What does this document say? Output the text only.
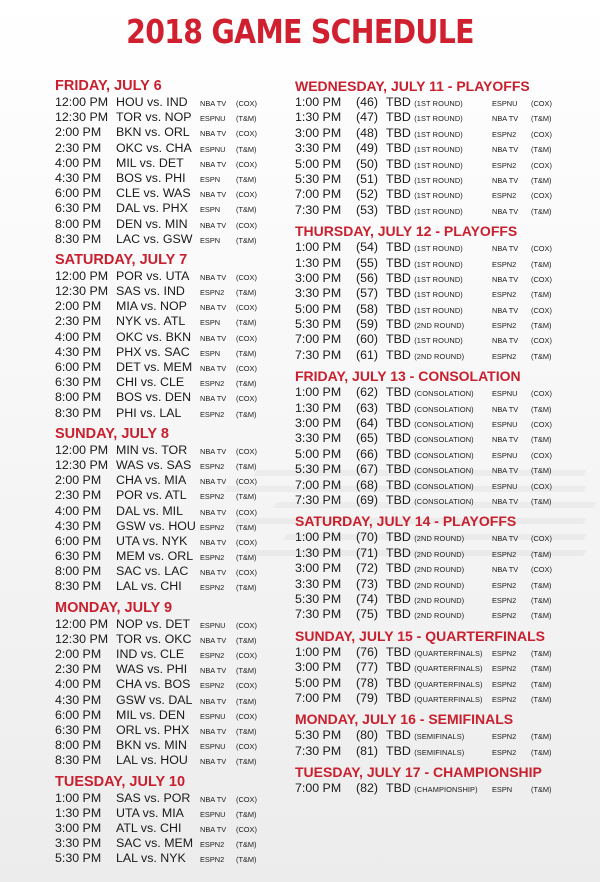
2018 GAME SCHEDULE
FRIDAY, JULY 6
12:00 PM HOU vs. IND	NBA TV	(COX)
12:30 PM TOR vs. NOP	ESPNU	(T&M)
2:00 PM	BKN vs. ORL	NBA TV	(COX)
2:30 PM	OKC vs. CHA	ESPNU	(T&M)
4:00 PM	MIL vs. DET	NBA TV	(COX)
4:30 PM	BOS vs. PHI	ESPN	(T&M)
6:00 PM	CLE vs. WAS	NBA TV	(COX)
6:30 PM	DAL vs. PHX	ESPN	(T&M)
8:00 PM	DEN vs. MIN	NBA TV	(COX)
8:30 PM	LAC vs. GSW	ESPN	(T&M)
SATURDAY, JULY 7
12:00 PM POR vs. UTA	NBA TV	(COX)
12:30 PM SAS vs. IND	ESPN2	(T&M)
2:00 PM	MIA vs. NOP	NBA TV	(COX)
2:30 PM	NYK vs. ATL	ESPN	(T&M)
4:00 PM	OKC vs. BKN	NBA TV	(COX)
4:30 PM	PHX vs. SAC	ESPN	(T&M)
6:00 PM	DET vs. MEM	NBA TV	(COX)
6:30 PM	CHI vs. CLE	ESPN2	(T&M)
8:00 PM	BOS vs. DEN	NBA TV	(COX)
8:30 PM	PHI vs. LAL	ESPN2	(T&M)
SUNDAY, JULY 8
12:00 PM MIN vs. TOR	NBA TV	(COX)
12:30 PM WAS vs. SAS	ESPN2	(T&M)
2:00 PM	CHA vs. MIA	NBA TV	(COX)
2:30 PM	POR vs. ATL	ESPN2	(T&M)
4:00 PM	DAL vs. MIL	NBA TV	(COX)
4:30 PM	GSW vs. HOU ESPN2	(T&M)
6:00 PM	UTA vs. NYK	NBA TV	(COX)
6:30 PM	MEM vs. ORL ESPN2	(T&M)
8:00 PM	SAC vs. LAC	NBA TV	(COX)
8:30 PM	LAL vs. CHI	ESPN2	(T&M)
MONDAY, JULY 9
12:00 PM NOP vs. DET	ESPNU	(COX)
12:30 PM TOR vs. OKC	NBA TV	(T&M)
2:00 PM	IND vs. CLE	ESPN2	(COX)
2:30 PM	WAS vs. PHI	NBA TV	(T&M)
4:00 PM	CHA vs. BOS	ESPN2	(COX)
4:30 PM	GSW vs. DAL	NBA TV	(T&M)
6:00 PM	MIL vs. DEN	ESPNU	(COX)
6:30 PM	ORL vs. PHX	NBA TV	(T&M)
8:00 PM	BKN vs. MIN	ESPNU	(COX)
8:30 PM	LAL vs. HOU	NBA TV	(T&M)
TUESDAY, JULY 10
1:00 PM	SAS vs. POR	NBA TV	(COX)
1:30 PM	UTA vs. MIA	ESPNU	(T&M)
3:00 PM	ATL vs. CHI	NBA TV	(COX)
3:30 PM	SAC vs. MEM ESPN2	(T&M)
5:30 PM	LAL vs. NYK	ESPN2	(T&M)
WEDNESDAY, JULY 11 - PLAYOFFS
1:00 PM	(46) TBD (1ST ROUND)	ESPNU	(COX)
1:30 PM	(47) TBD (1ST ROUND)	NBA TV	(T&M)
3:00 PM	(48) TBD (1ST ROUND)	ESPN2	(COX)
3:30 PM	(49) TBD (1ST ROUND)	NBA TV	(T&M)
5:00 PM	(50) TBD (1ST ROUND)	ESPN2	(COX)
5:30 PM	(51) TBD (1ST ROUND)	NBA TV	(T&M)
7:00 PM	(52) TBD (1ST ROUND)	ESPN2	(COX)
7:30 PM	(53) TBD (1ST ROUND)	NBA TV	(T&M)
THURSDAY, JULY 12 - PLAYOFFS
1:00 PM	(54) TBD (1ST ROUND)	NBA TV	(COX)
1:30 PM	(55) TBD (1ST ROUND)	ESPN2	(T&M)
3:00 PM	(56) TBD (1ST ROUND)	NBA TV	(COX)
3:30 PM	(57) TBD (1ST ROUND)	ESPN2	(T&M)
5:00 PM	(58) TBD (1ST ROUND)	NBA TV	(COX)
5:30 PM	(59) TBD (2ND ROUND)	ESPN2	(T&M)
7:00 PM	(60) TBD (1ST ROUND)	NBA TV	(COX)
7:30 PM	(61) TBD (2ND ROUND)	ESPN2	(T&M)
FRIDAY, JULY 13 - CONSOLATION
1:00 PM	(62) TBD (CONSOLATION)	ESPNU	(COX)
1:30 PM	(63) TBD (CONSOLATION)	NBA TV	(T&M)
3:00 PM	(64) TBD (CONSOLATION)	ESPNU	(COX)
3:30 PM	(65) TBD (CONSOLATION)	NBA TV	(T&M)
5:00 PM	(66) TBD (CONSOLATION)	ESPNU	(COX)
5:30 PM	(67) TBD (CONSOLATION)	NBA TV	(T&M)
7:00 PM	(68) TBD (CONSOLATION)	ESPNU	(COX)
7:30 PM	(69) TBD (CONSOLATION)	NBA TV	(T&M)
SATURDAY, JULY 14 - PLAYOFFS
1:00 PM	(70) TBD (2ND ROUND)	NBA TV	(COX)
1:30 PM	(71) TBD (2ND ROUND)	ESPN2	(T&M)
3:00 PM	(72) TBD (2ND ROUND)	NBA TV	(COX)
3:30 PM	(73) TBD (2ND ROUND)	ESPN2	(T&M)
5:30 PM	(74) TBD (2ND ROUND)	ESPN2	(T&M)
7:30 PM	(75) TBD (2ND ROUND)	ESPN2	(T&M)
SUNDAY, JULY 15 - QUARTERFINALS
1:00 PM	(76) TBD (QUARTERFINALS)	ESPN2	(T&M)
3:00 PM	(77) TBD (QUARTERFINALS)	ESPN2	(T&M)
5:00 PM	(78) TBD (QUARTERFINALS)	ESPN2	(T&M)
7:00 PM	(79) TBD (QUARTERFINALS)	ESPN2	(T&M)
MONDAY, JULY 16 - SEMIFINALS
5:30 PM	(80) TBD (SEMIFINALS)	ESPN2	(T&M)
7:30 PM	(81) TBD (SEMIFINALS)	ESPN2	(T&M)
TUESDAY, JULY 17 - CHAMPIONSHIP
7:00 PM	(82) TBD (CHAMPIONSHIP)	ESPN	(T&M)
